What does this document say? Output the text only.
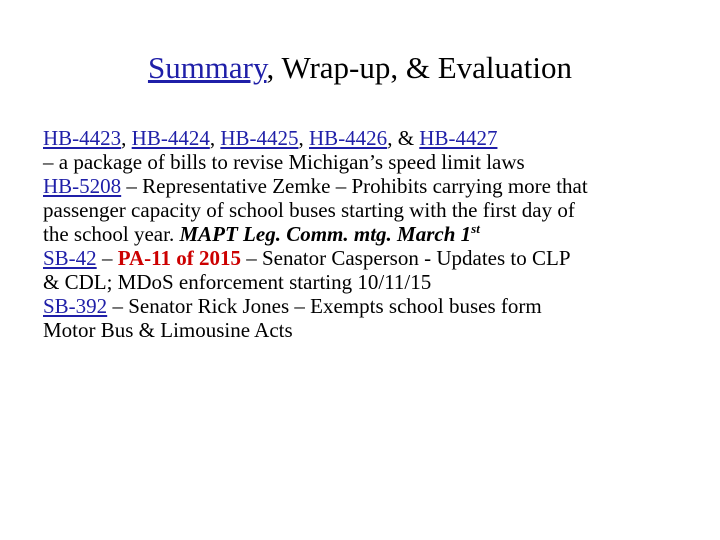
Summary, Wrap-up, & Evaluation
HB-4423, HB-4424, HB-4425, HB-4426, & HB-4427
– a package of bills to revise Michigan’s speed limit laws
HB-5208 – Representative Zemke – Prohibits carrying more that
passenger capacity of school buses starting with the first day of
the school year. MAPT Leg. Comm. mtg. March 1st
SB-42 – PA-11 of 2015 – Senator Casperson - Updates to CLP
& CDL; MDoS enforcement starting 10/11/15
SB-392 – Senator Rick Jones – Exempts school buses form
Motor Bus & Limousine Acts
